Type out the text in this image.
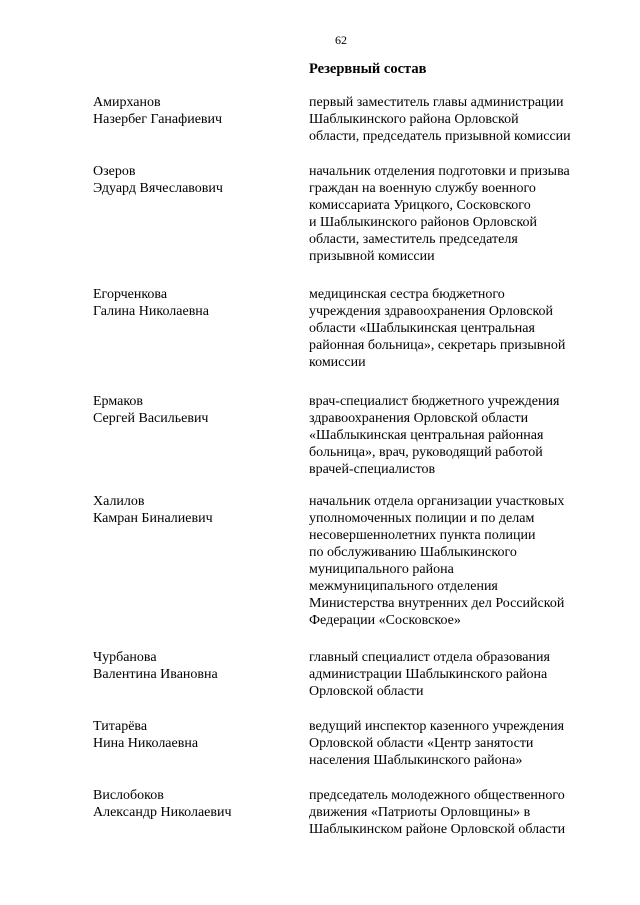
62
Резервный состав
Амирханов
Назербег Ганафиевич
первый заместитель главы администрации
Шаблыкинского района Орловской
области, председатель призывной комиссии
Озеров
Эдуард Вячеславович
начальник отделения подготовки и призыва
граждан на военную службу военного
комиссариата Урицкого, Сосковского
и Шаблыкинского районов Орловской
области, заместитель председателя
призывной комиссии
Егорченкова
Галина Николаевна
медицинская сестра бюджетного
учреждения здравоохранения Орловской
области «Шаблыкинская центральная
районная больница», секретарь призывной
комиссии
Ермаков
Сергей Васильевич
врач-специалист бюджетного учреждения
здравоохранения Орловской области
«Шаблыкинская центральная районная
больница», врач, руководящий работой
врачей-специалистов
Халилов
Камран Биналиевич
начальник отдела организации участковых
уполномоченных полиции и по делам
несовершеннолетних пункта полиции
по обслуживанию Шаблыкинского
муниципального района
межмуниципального отделения
Министерства внутренних дел Российской
Федерации «Сосковское»
Чурбанова
Валентина Ивановна
главный специалист отдела образования
администрации Шаблыкинского района
Орловской области
Титарёва
Нина Николаевна
ведущий инспектор казенного учреждения
Орловской области «Центр занятости
населения Шаблыкинского района»
Вислобоков
Александр Николаевич
председатель молодежного общественного
движения «Патриоты Орловщины» в
Шаблыкинском районе Орловской области
